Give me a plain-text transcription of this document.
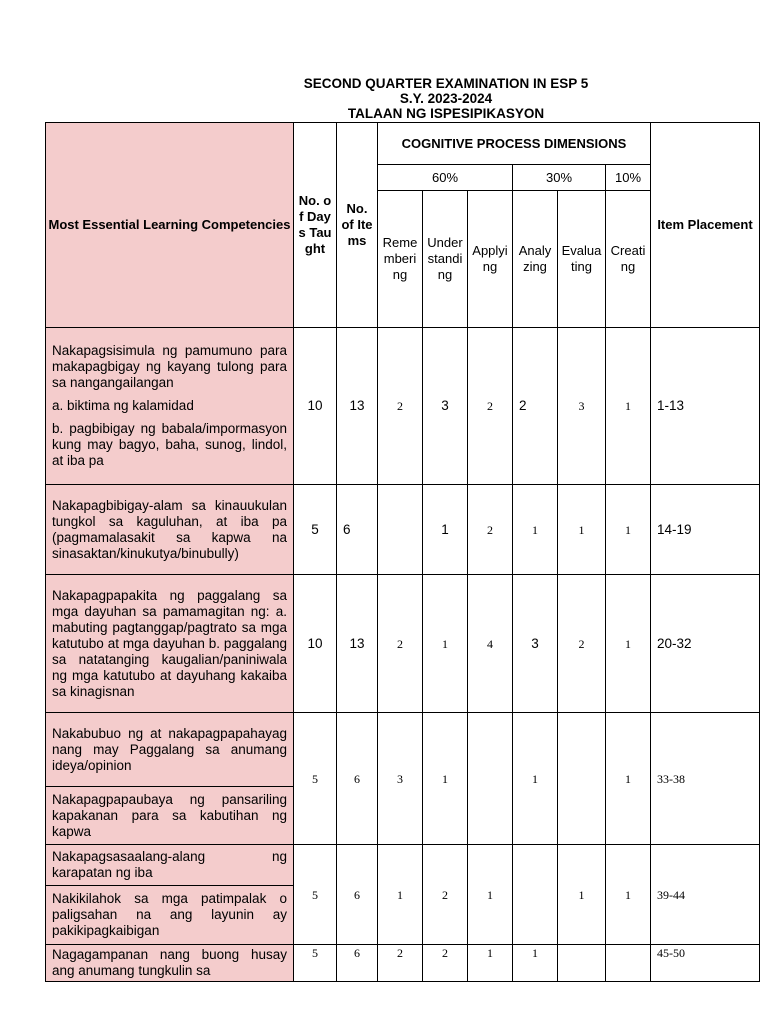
SECOND QUARTER EXAMINATION IN ESP 5
S.Y. 2023-2024
TALAAN NG ISPESIPIKASYON
Most Essential Learning Competencies	No. of Days Taught	No. of Items	COGNITIVE PROCESS DIMENSIONS						Item Placement
			60%			30%		10%	
			Remembering	Understanding	Applying	Analyzing	Evaluating	Creating	

Nakapagsisimula ng pamumuno para makapagbigay ng kayang tulong para sa nangangailangan

a. biktima ng kalamidad

b. pagbibigay ng babala/impormasyon kung may bagyo, baha, sunog, lindol, at iba pa	10	13	2	3	2	2	3	1	1-13

Nakapagbibigay-alam sa kinauukulan tungkol sa kaguluhan, at iba pa (pagmamalasakit sa kapwa na sinasaktan/kinukutya/binubully)	5	6		1	2	1	1	1	14-19

Nakapagpapakita ng paggalang sa mga dayuhan sa pamamagitan ng: a. mabuting pagtanggap/pagtrato sa mga katutubo at mga dayuhan b. paggalang sa natatanging kaugalian/paniniwala ng mga katutubo at dayuhang kakaiba sa kinagisnan	10	13	2	1	4	3	2	1	20-32

Nakabubuo ng at nakapagpapahayag nang may Paggalang sa anumang ideya/opinion	5	6	3	1		1		1	33-38

Nakapagpapaubaya ng pansariling kapakanan para sa kabutihan ng kapwa									

Nakapagsasaalang-alang ng karapatan ng iba	5	6	1	2	1		1	1	39-44

Nakikilahok sa mga patimpalak o paligsahan na ang layunin ay pakikipagkaibigan									

Nagagampanan nang buong husay ang anumang tungkulin sa	5	6	2	2	1	1			45-50
